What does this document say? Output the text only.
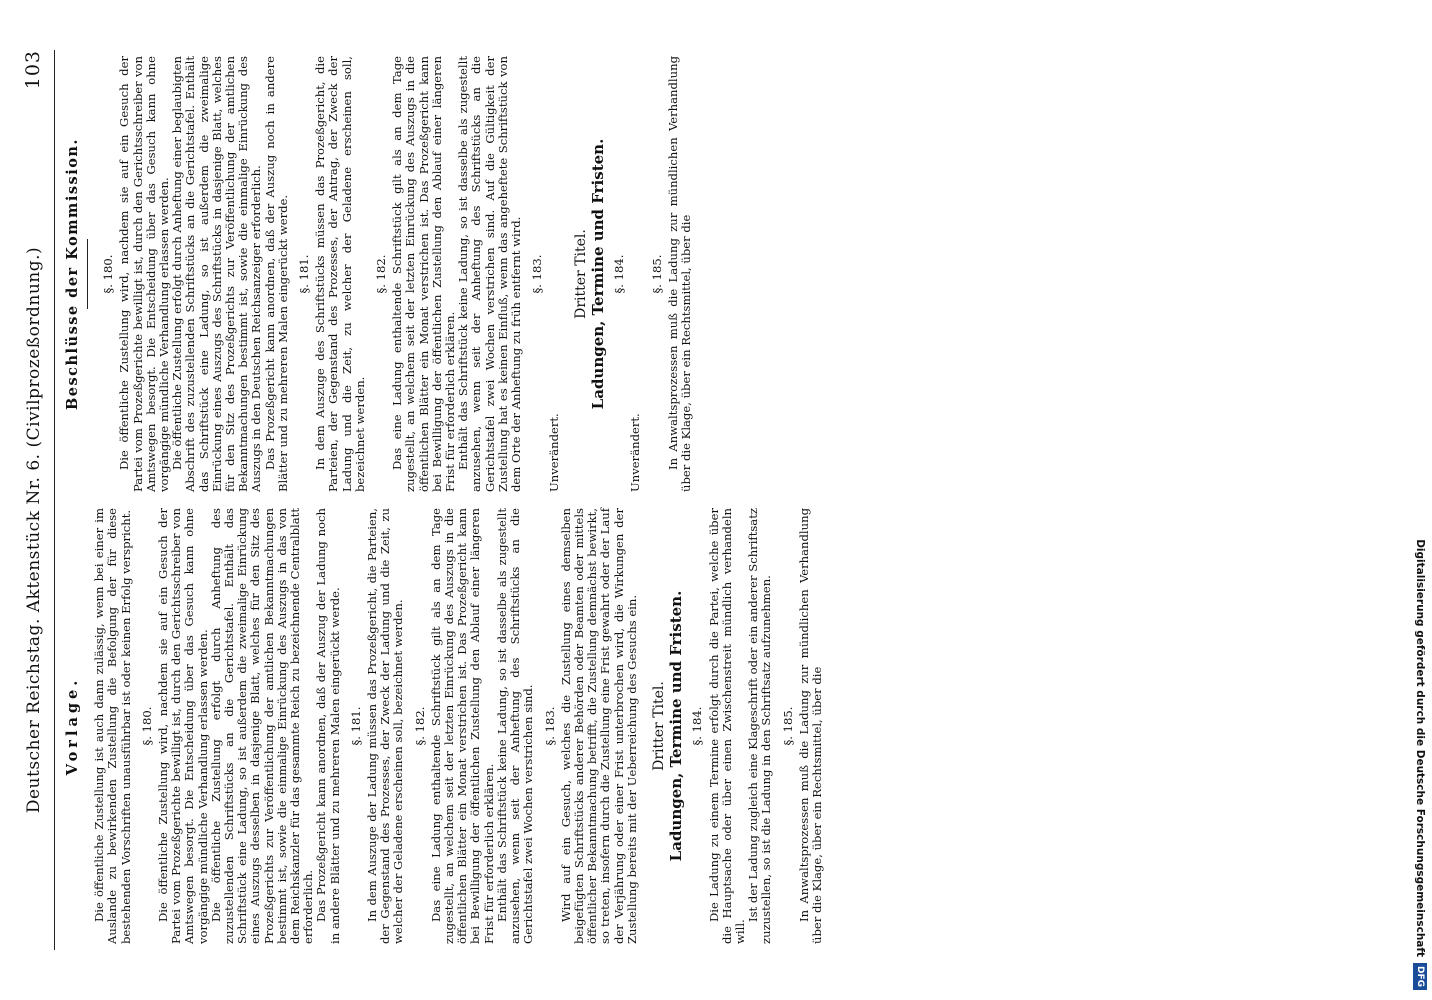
Deutscher Reichstag. Aktenstück Nr. 6. (Civilprozeßordnung.)
103
Vorlage. Die öffentliche Zustellung ist auch dann zulässig, wenn bei einer im Auslande zu bewirkenden Zustellung die Befolgung der für diese bestehenden Vorschriften unausführbar ist oder keinen Erfolg verspricht. §. 180. Die öffentliche Zustellung wird, nachdem sie auf ein Gesuch der Partei vom Prozeßgerichte bewilligt ist, durch den Gerichtsschreiber von Amtswegen besorgt. Die Entscheidung über das Gesuch kann ohne vorgängige mündliche Verhandlung erlassen werden. Die öffentliche Zustellung erfolgt durch Anheftung des zuzustellenden Schriftstücks an die Gerichtstafel. Enthält das Schriftstück eine Ladung, so ist außerdem die zweimalige Einrückung eines Auszugs desselben in dasjenige Blatt, welches für den Sitz des Prozeßgerichts zur Veröffentlichung der amtlichen Bekanntmachungen bestimmt ist, sowie die einmalige Einrückung des Auszugs in das von dem Reichskanzler für das gesammte Reich zu bezeichnende Centralblatt erforderlich. Das Prozeßgericht kann anordnen, daß der Auszug der Ladung noch in andere Blätter und zu mehreren Malen eingerückt werde. §. 181. In dem Auszuge der Ladung müssen das Prozeßgericht, die Parteien, der Gegenstand des Prozesses, der Zweck der Ladung und die Zeit, zu welcher der Geladene erscheinen soll, bezeichnet werden. §. 182. Das eine Ladung enthaltende Schriftstück gilt als an dem Tage zugestellt, an welchem seit der letzten Einrückung des Auszugs in die öffentlichen Blätter ein Monat verstrichen ist. Das Prozeßgericht kann bei Bewilligung der öffentlichen Zustellung den Ablauf einer längeren Frist für erforderlich erklären. Enthält das Schriftstück keine Ladung, so ist dasselbe als zugestellt anzusehen, wenn seit der Anheftung des Schriftstücks an die Gerichtstafel zwei Wochen verstrichen sind. §. 183. Wird auf ein Gesuch, welches die Zustellung eines demselben beigefügten Schriftstücks anderer Behörden oder Beamten oder mittels öffentlicher Bekanntmachung betrifft, die Zustellung demnächst bewirkt, so treten, insofern durch die Zustellung eine Frist gewahrt oder der Lauf der Verjährung oder einer Frist unterbrochen wird, die Wirkungen der Zustellung bereits mit der Ueberreichung des Gesuchs ein. Dritter Titel. Ladungen, Termine und Fristen. §. 184. Die Ladung zu einem Termine erfolgt durch die Partei, welche über die Hauptsache oder über einen Zwischenstreit mündlich verhandeln will.

Ist der Ladung zugleich eine Klageschrift oder ein anderer Schriftsatz zuzustellen, so ist die Ladung in den Schriftsatz aufzunehmen. §. 185. In Anwaltsprozessen muß die Ladung zur mündlichen Verhandlung über die Klage, über ein Rechtsmittel, über die

Beschlüsse der Kommission. §. 180. Die öffentliche Zustellung wird, nachdem sie auf ein Gesuch der Partei vom Prozeßgerichte bewilligt ist, durch den Gerichtsschreiber von Amtswegen besorgt. Die Entscheidung über das Gesuch kann ohne vorgängige mündliche Verhandlung erlassen werden. Die öffentliche Zustellung erfolgt durch Anheftung einer beglaubigten Abschrift des zuzustellenden Schriftstücks an die Gerichtstafel. Enthält das Schriftstück eine Ladung, so ist außerdem die zweimalige Einrückung eines Auszugs des Schriftstücks in dasjenige Blatt, welches für den Sitz des Prozeßgerichts zur Veröffentlichung der amtlichen Bekanntmachungen bestimmt ist, sowie die einmalige Einrückung des Auszugs in den Deutschen Reichsanzeiger erforderlich. Das Prozeßgericht kann anordnen, daß der Auszug noch in andere Blätter und zu mehreren Malen eingerückt werde. §. 181. In dem Auszuge des Schriftstücks müssen das Prozeßgericht, die Parteien, der Gegenstand des Prozesses, der Antrag, der Zweck der Ladung und die Zeit, zu welcher der Geladene erscheinen soll, bezeichnet werden.

§. 182. Das eine Ladung enthaltende Schriftstück gilt als an dem Tage zugestellt, an welchem seit der letzten Einrückung des Auszugs in die öffentlichen Blätter ein Monat verstrichen ist. Das Prozeßgericht kann bei Bewilligung der öffentlichen Zustellung den Ablauf einer längeren Frist für erforderlich erklären. Enthält das Schriftstück keine Ladung, so ist dasselbe als zugestellt anzusehen, wenn seit der Anheftung des Schriftstücks an die Gerichtstafel zwei Wochen verstrichen sind. Auf die Gültigkeit der Zustellung hat es keinen Einfluß, wenn das angeheftete Schriftstück von dem Orte der Anheftung zu früh entfernt wird. §. 183.

Unverändert.

Dritter Titel. Ladungen, Termine und Fristen. §. 184.

Unverändert.

§. 185. In Anwaltsprozessen muß die Ladung zur mündlichen Verhandlung über die Klage, über ein Rechtsmittel, über die

Digitalisierung gefördert durch die Deutsche ForschungsgemeinschaftDFG
